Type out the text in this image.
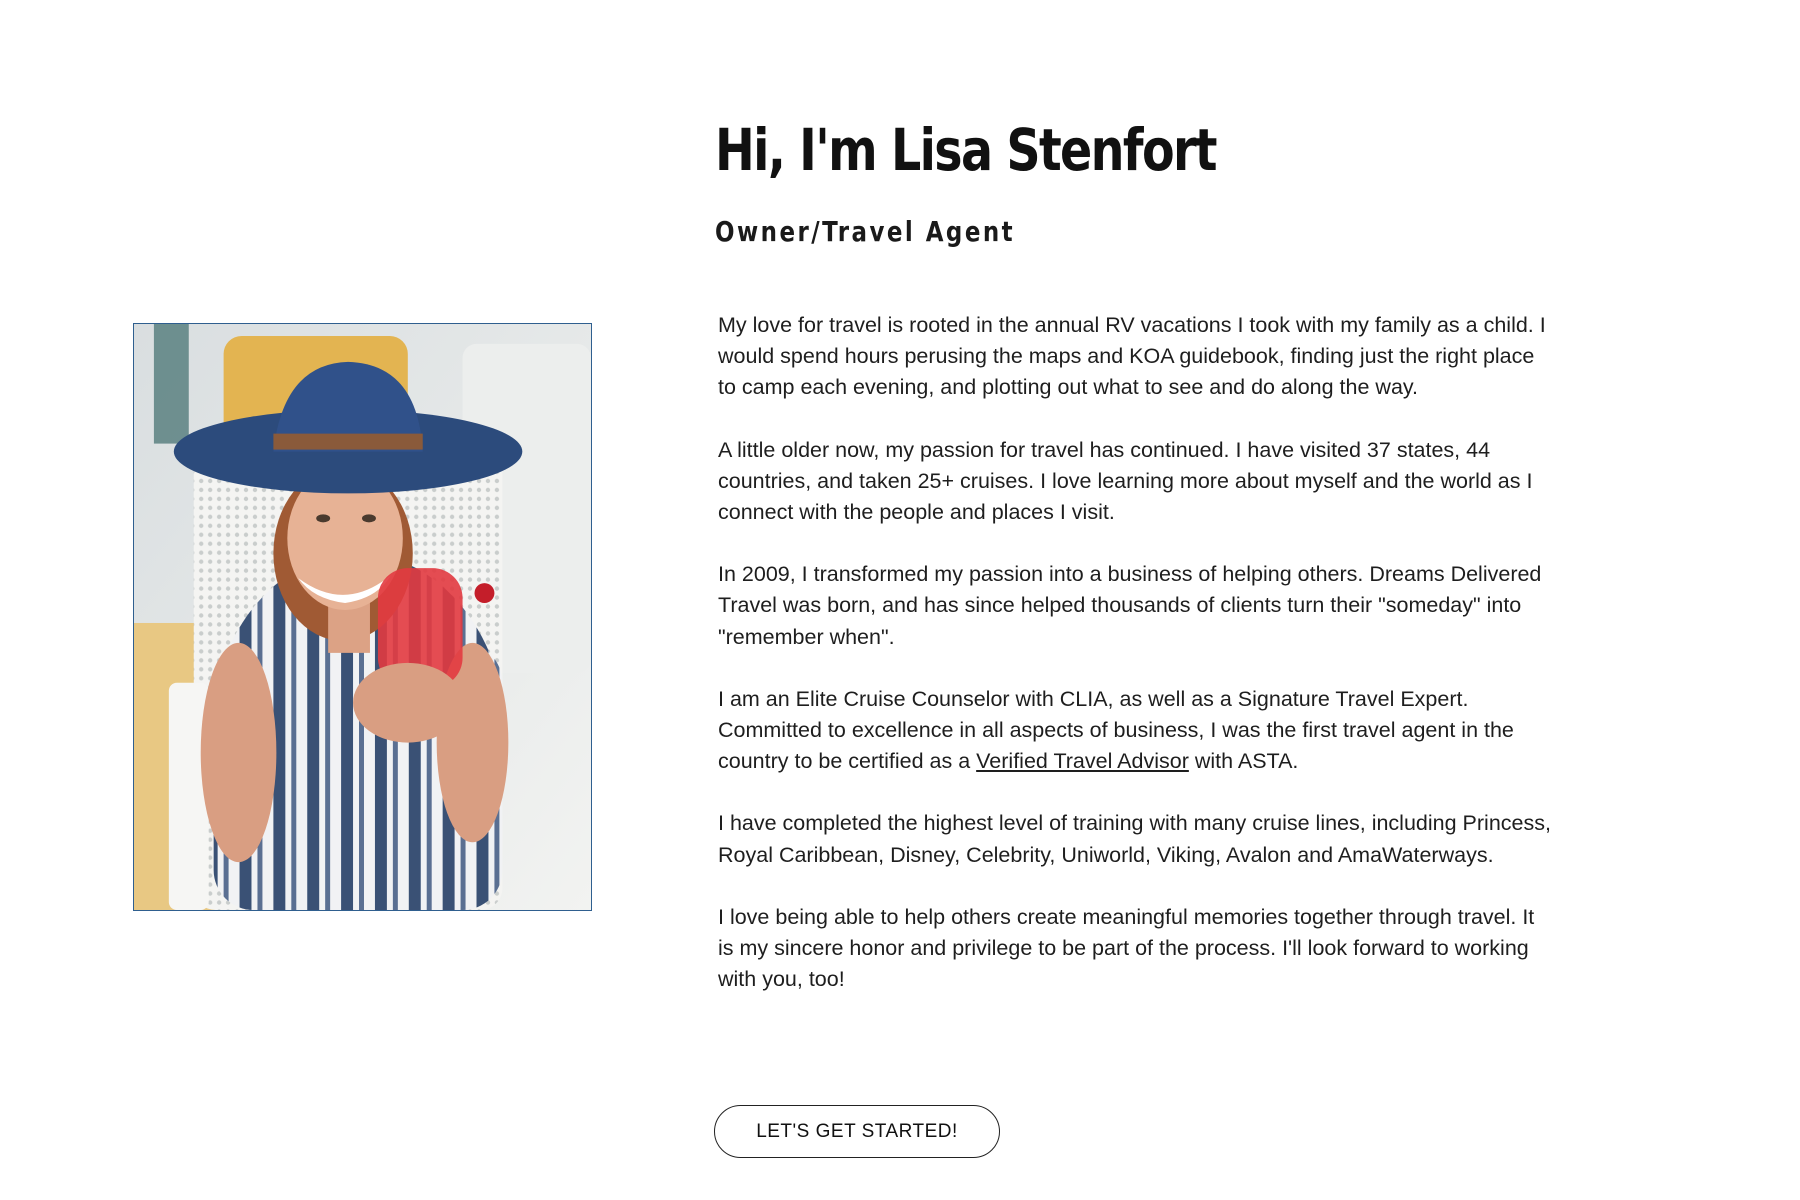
Hi, I'm Lisa Stenfort
Owner/Travel Agent

My love for travel is rooted in the annual RV vacations I took with my family as a child. I would spend hours perusing the maps and KOA guidebook, finding just the right place to camp each evening, and plotting out what to see and do along the way.

A little older now, my passion for travel has continued. I have visited 37 states, 44 countries, and taken 25+ cruises. I love learning more about myself and the world as I connect with the people and places I visit.

In 2009, I transformed my passion into a business of helping others. Dreams Delivered Travel was born, and has since helped thousands of clients turn their "someday" into "remember when".

I am an Elite Cruise Counselor with CLIA, as well as a Signature Travel Expert. Committed to excellence in all aspects of business, I was the first travel agent in the country to be certified as a Verified Travel Advisor with ASTA.

I have completed the highest level of training with many cruise lines, including Princess, Royal Caribbean, Disney, Celebrity, Uniworld, Viking, Avalon and AmaWaterways.

I love being able to help others create meaningful memories together through travel. It is my sincere honor and privilege to be part of the process. I'll look forward to working with you, too!

LET'S GET STARTED!
